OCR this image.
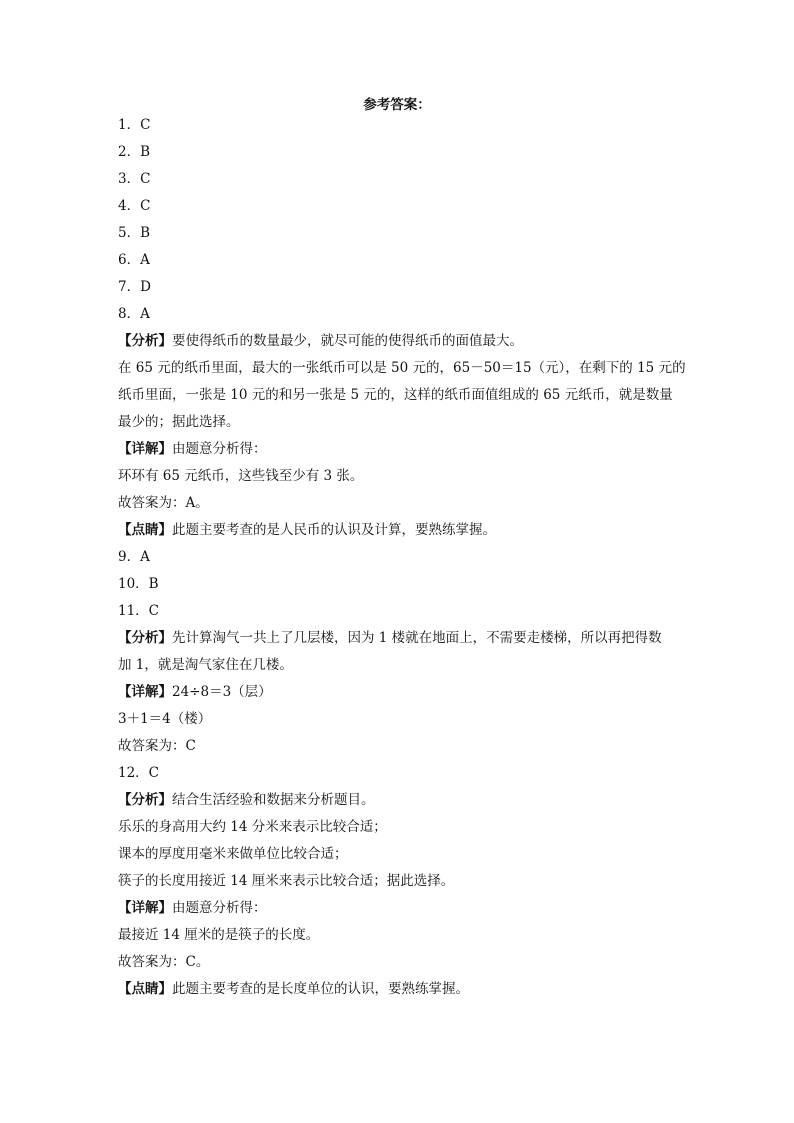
参考答案：
1．C
2．B
3．C
4．C
5．B
6．A
7．D
8．A
【分析】要使得纸币的数量最少，就尽可能的使得纸币的面值最大。
在 65 元的纸币里面，最大的一张纸币可以是 50 元的，65－50＝15（元），在剩下的 15 元的
纸币里面，一张是 10 元的和另一张是 5 元的，这样的纸币面值组成的 65 元纸币，就是数量
最少的；据此选择。
【详解】由题意分析得：
环环有 65 元纸币，这些钱至少有 3 张。
故答案为：A。
【点睛】此题主要考查的是人民币的认识及计算，要熟练掌握。
9．A
10．B
11．C
【分析】先计算淘气一共上了几层楼，因为 1 楼就在地面上，不需要走楼梯，所以再把得数
加 1，就是淘气家住在几楼。
【详解】24÷8＝3（层）
3＋1＝4（楼）
故答案为：C
12．C
【分析】结合生活经验和数据来分析题目。
乐乐的身高用大约 14 分米来表示比较合适；
课本的厚度用毫米来做单位比较合适；
筷子的长度用接近 14 厘米来表示比较合适；据此选择。
【详解】由题意分析得：
最接近 14 厘米的是筷子的长度。
故答案为：C。
【点睛】此题主要考查的是长度单位的认识，要熟练掌握。
